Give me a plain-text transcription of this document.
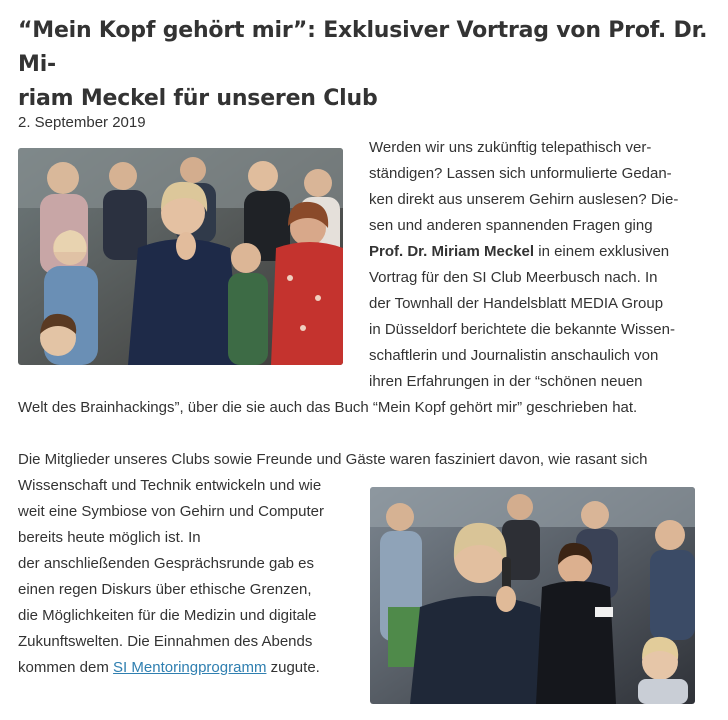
“Mein Kopf gehört mir”: Exklusiver Vortrag von Prof. Dr. Mi-
riam Meckel für unseren Club
2. September 2019
Werden wir uns zukünftig telepathisch ver-
ständigen? Lassen sich unformulierte Gedan-
ken direkt aus unserem Gehirn auslesen? Die-
sen und anderen spannenden Fragen ging
Prof. Dr. Miriam Meckel in einem exklusiven
Vortrag für den SI Club Meerbusch nach. In
der Townhall der Handelsblatt MEDIA Group
in Düsseldorf berichtete die bekannte Wissen-
schaftlerin und Journalistin anschaulich von
ihren Erfahrungen in der “schönen neuen
Welt des Brainhackings”, über die sie auch das Buch “Mein Kopf gehört mir” geschrieben hat.
Die Mitglieder unseres Clubs sowie Freunde und Gäste waren fasziniert davon, wie rasant sich
Wissenschaft und Technik entwickeln und wie
weit eine Symbiose von Gehirn und Computer
bereits heute möglich ist. In
der anschließenden Gesprächsrunde gab es
einen regen Diskurs über ethische Grenzen,
die Möglichkeiten für die Medizin und digitale
Zukunftswelten. Die Einnahmen des Abends
kommen dem SI Mentoringprogramm zugute.
